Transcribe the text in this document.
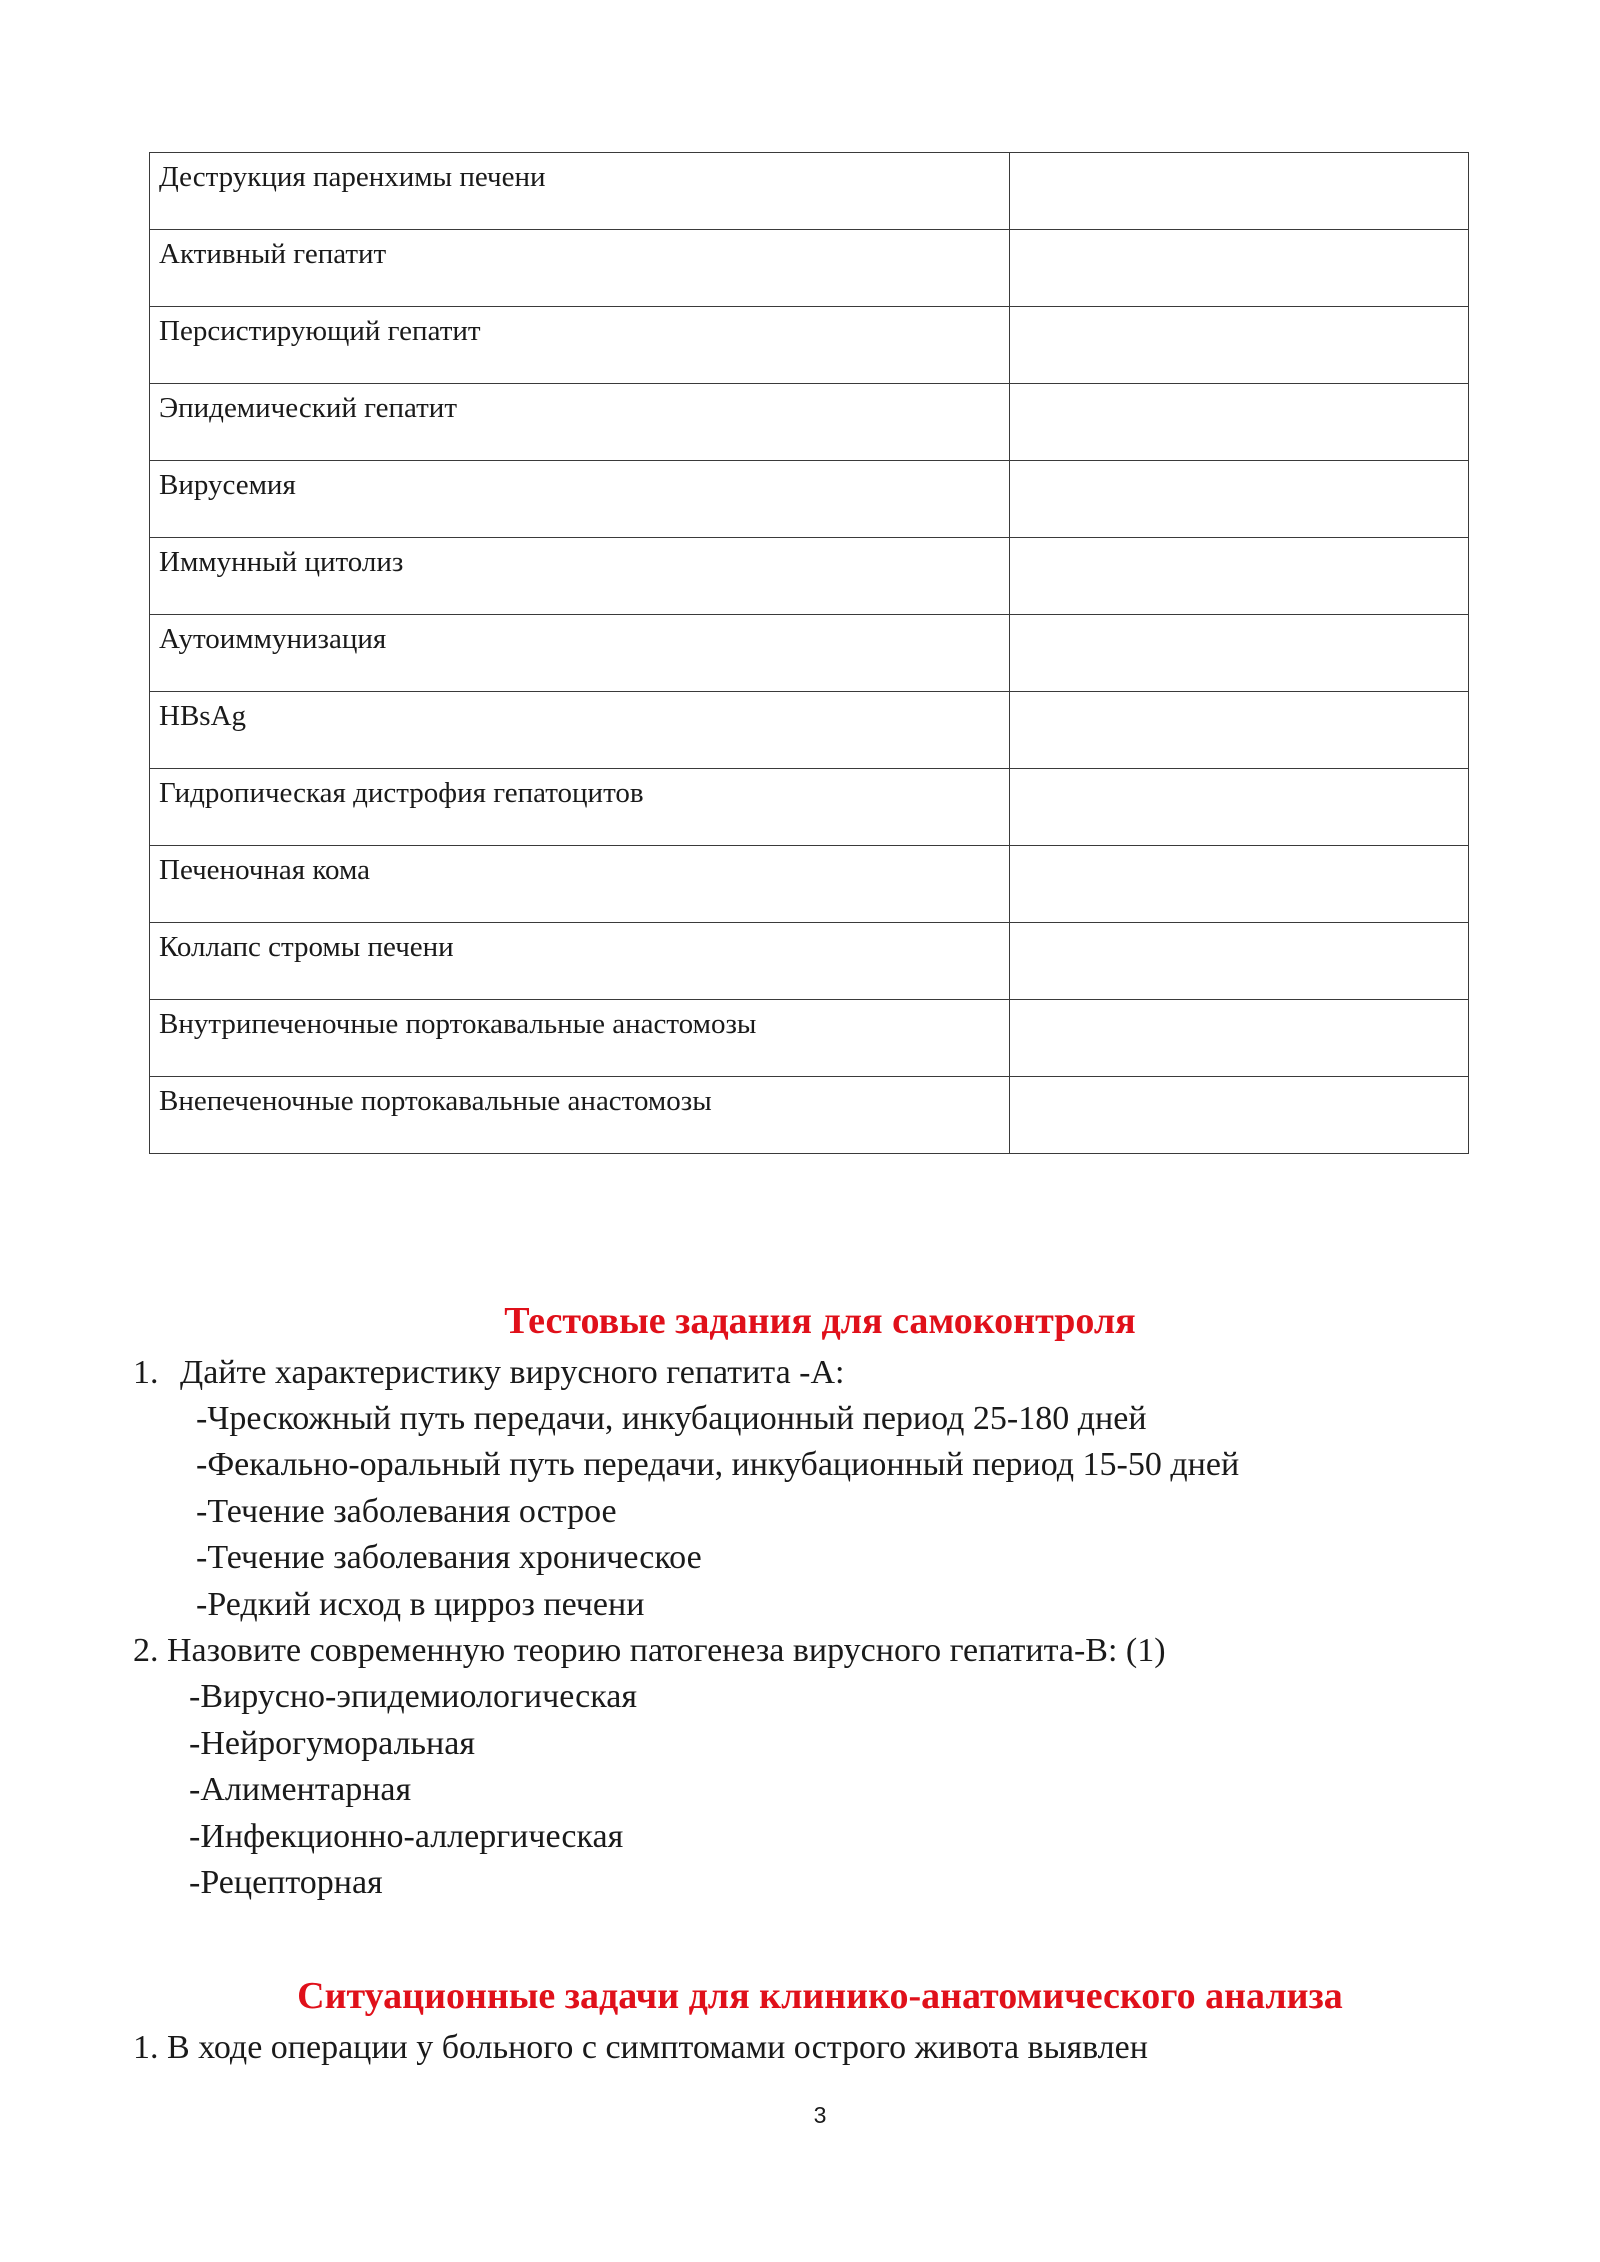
Деструкция паренхимы печени	
Активный гепатит	
Персистирующий гепатит	
Эпидемический гепатит	
Вирусемия	
Иммунный цитолиз	
Аутоиммунизация	
HBsAg	
Гидропическая дистрофия гепатоцитов	
Печеночная кома	
Коллапс стромы печени	
Внутрипеченочные портокавальные анастомозы	
Внепеченочные портокавальные анастомозы	
Тестовые задания для самоконтроля

1. Дайте характеристику вирусного гепатита -А:

-Чрескожный путь передачи, инкубационный период 25-180 дней

-Фекально-оральный путь передачи, инкубационный период 15-50 дней

-Течение заболевания острое

-Течение заболевания хроническое

-Редкий исход в цирроз печени

2. Назовите современную теорию патогенеза вирусного гепатита-В: (1)

-Вирусно-эпидемиологическая

-Нейрогуморальная

-Алиментарная

-Инфекционно-аллергическая

-Рецепторная

Ситуационные задачи для клинико-анатомического анализа

1. В ходе операции у больного с симптомами острого живота выявлен

3
